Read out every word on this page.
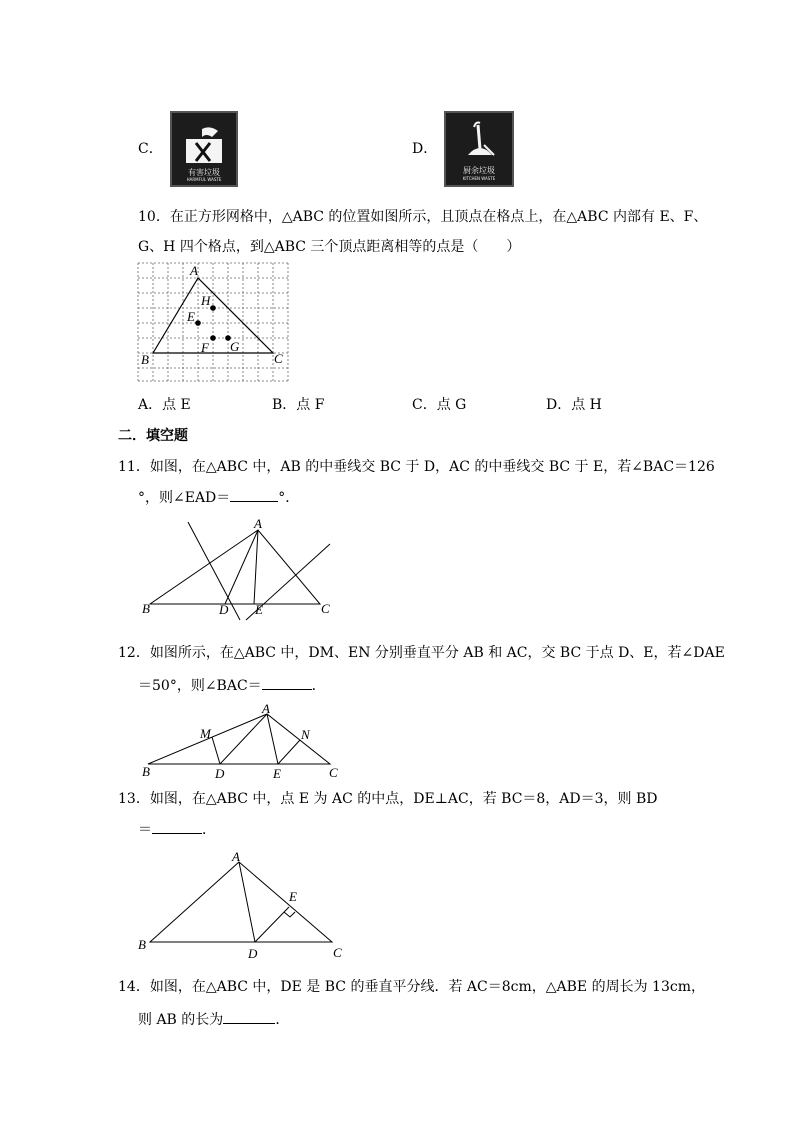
C．
有害垃圾
HARMFUL WASTE
D．
厨余垃圾
KITCHEN WASTE
10．在正方形网格中，△ABC 的位置如图所示，且顶点在格点上，在△ABC 内部有 E、F、
G、H 四个格点，到△ABC 三个顶点距离相等的点是（　　）
A
B	C
E
H
F G
A．点 E	B．点 F	C．点 G	D．点 H
二．填空题
11．如图，在△ABC 中，AB 的中垂线交 BC 于 D，AC 的中垂线交 BC 于 E，若∠BAC＝126
°，则∠EAD＝	°．
A
B	C
D E
12．如图所示，在△ABC 中，DM、EN 分别垂直平分 AB 和 AC，交 BC 于点 D、E，若∠DAE
＝50°，则∠BAC＝	．
A
B	C
D	E
M	N
13．如图，在△ABC 中，点 E 为 AC 的中点，DE⊥AC，若 BC＝8，AD＝3，则 BD
＝	．
A
B
C
D
E
14．如图，在△ABC 中，DE 是 BC 的垂直平分线．若 AC＝8cm，△ABE 的周长为 13cm，
则 AB 的长为	．
